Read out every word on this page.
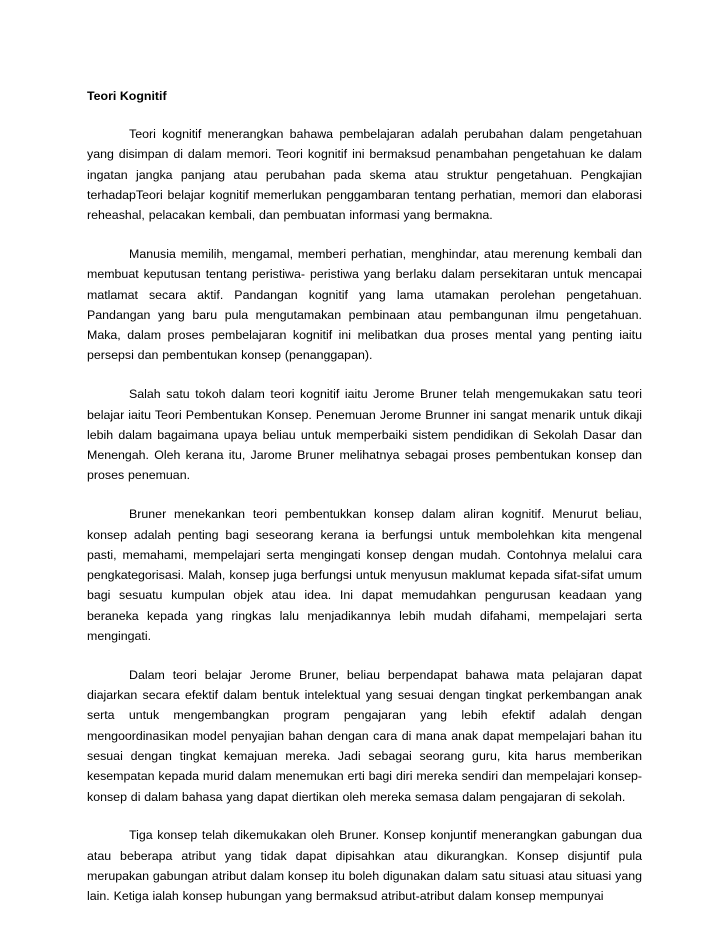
Teori Kognitif

Teori kognitif menerangkan bahawa pembelajaran adalah perubahan dalam pengetahuan yang disimpan di dalam memori. Teori kognitif ini bermaksud penambahan pengetahuan ke dalam ingatan jangka panjang atau perubahan pada skema atau struktur pengetahuan. Pengkajian terhadapTeori belajar kognitif memerlukan penggambaran tentang perhatian, memori dan elaborasi reheashal, pelacakan kembali, dan pembuatan informasi yang bermakna.

Manusia memilih, mengamal, memberi perhatian, menghindar, atau merenung kembali dan membuat keputusan tentang peristiwa- peristiwa yang berlaku dalam persekitaran untuk mencapai matlamat secara aktif. Pandangan kognitif yang lama utamakan perolehan pengetahuan. Pandangan yang baru pula mengutamakan pembinaan atau pembangunan ilmu pengetahuan. Maka, dalam proses pembelajaran kognitif ini melibatkan dua proses mental yang penting iaitu persepsi dan pembentukan konsep (penanggapan).

Salah satu tokoh dalam teori kognitif iaitu Jerome Bruner telah mengemukakan satu teori belajar iaitu Teori Pembentukan Konsep. Penemuan Jerome Brunner ini sangat menarik untuk dikaji lebih dalam bagaimana upaya beliau untuk memperbaiki sistem pendidikan di Sekolah Dasar dan Menengah. Oleh kerana itu, Jarome Bruner melihatnya sebagai proses pembentukan konsep dan proses penemuan.

Bruner menekankan teori pembentukkan konsep dalam aliran kognitif. Menurut beliau, konsep adalah penting bagi seseorang kerana ia berfungsi untuk membolehkan kita mengenal pasti, memahami, mempelajari serta mengingati konsep dengan mudah. Contohnya melalui cara pengkategorisasi. Malah, konsep juga berfungsi untuk menyusun maklumat kepada sifat-sifat umum bagi sesuatu kumpulan objek atau idea. Ini dapat memudahkan pengurusan keadaan yang beraneka kepada yang ringkas lalu menjadikannya lebih mudah difahami, mempelajari serta mengingati.

Dalam teori belajar Jerome Bruner, beliau berpendapat bahawa mata pelajaran dapat diajarkan secara efektif dalam bentuk intelektual yang sesuai dengan tingkat perkembangan anak serta untuk mengembangkan program pengajaran yang lebih efektif adalah dengan mengoordinasikan model penyajian bahan dengan cara di mana anak dapat mempelajari bahan itu sesuai dengan tingkat kemajuan mereka. Jadi sebagai seorang guru, kita harus memberikan kesempatan kepada murid dalam menemukan erti bagi diri mereka sendiri dan mempelajari konsep-konsep di dalam bahasa yang dapat diertikan oleh mereka semasa dalam pengajaran di sekolah.

Tiga konsep telah dikemukakan oleh Bruner. Konsep konjuntif menerangkan gabungan dua atau beberapa atribut yang tidak dapat dipisahkan atau dikurangkan. Konsep disjuntif pula merupakan gabungan atribut dalam konsep itu boleh digunakan dalam satu situasi atau situasi yang lain. Ketiga ialah konsep hubungan yang bermaksud atribut-atribut dalam konsep mempunyai
